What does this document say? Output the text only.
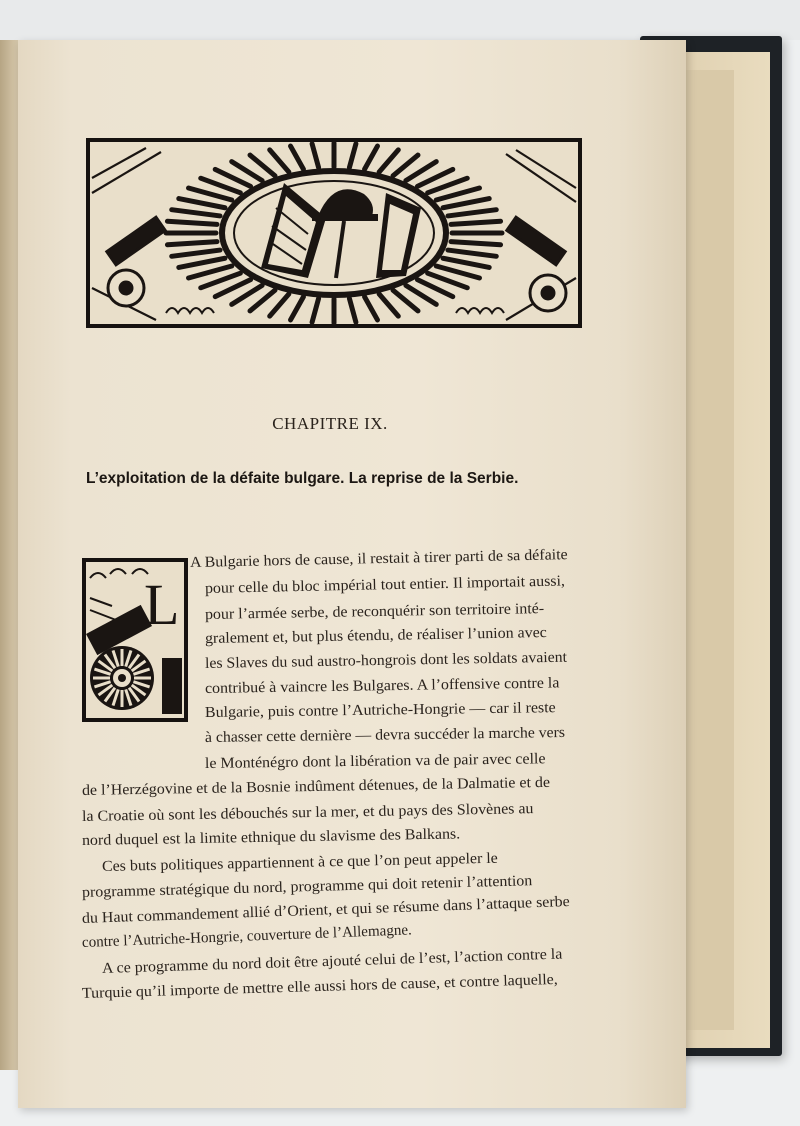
CHAPITRE IX.
L’exploitation de la défaite bulgare. La reprise de la Serbie.
L
A Bulgarie hors de cause, il restait à tirer parti de sa défaite
pour celle du bloc impérial tout entier. Il importait aussi,
pour l’armée serbe, de reconquérir son territoire inté-
gralement et, but plus étendu, de réaliser l’union avec
les Slaves du sud austro-hongrois dont les soldats avaient
contribué à vaincre les Bulgares. A l’offensive contre la
Bulgarie, puis contre l’Autriche-Hongrie — car il reste
à chasser cette dernière — devra succéder la marche vers
le Monténégro dont la libération va de pair avec celle
de l’Herzégovine et de la Bosnie indûment détenues, de la Dalmatie et de
la Croatie où sont les débouchés sur la mer, et du pays des Slovènes au
nord duquel est la limite ethnique du slavisme des Balkans.
Ces buts politiques appartiennent à ce que l’on peut appeler le
programme stratégique du nord, programme qui doit retenir l’attention
du Haut commandement allié d’Orient, et qui se résume dans l’attaque serbe
contre l’Autriche-Hongrie, couverture de l’Allemagne.
A ce programme du nord doit être ajouté celui de l’est, l’action contre la
Turquie qu’il importe de mettre elle aussi hors de cause, et contre laquelle,
